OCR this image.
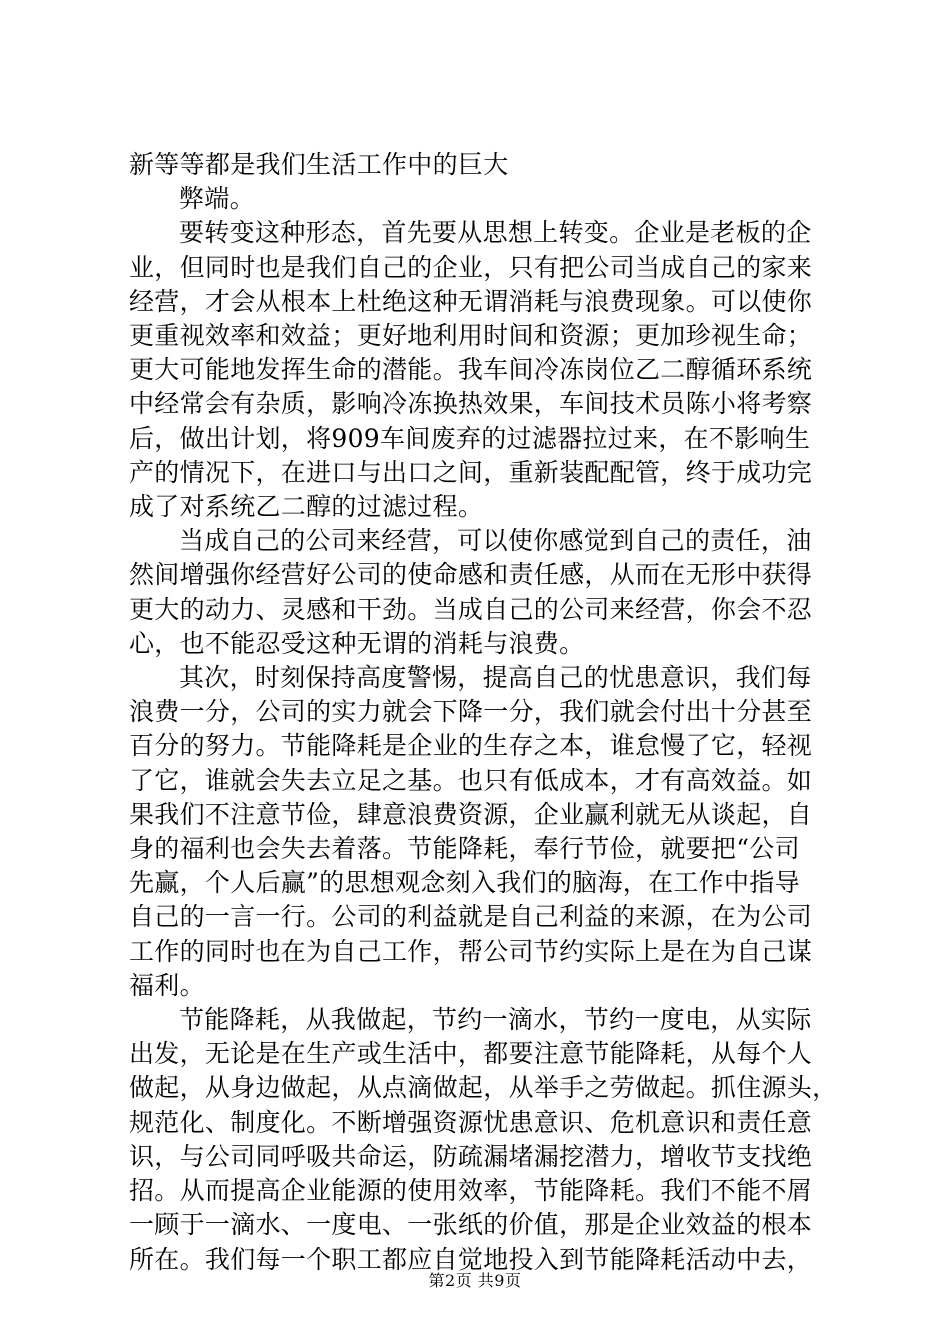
新等等都是我们生活工作中的巨大
弊端。
要转变这种形态，首先要从思想上转变。企业是老板的企
业，但同时也是我们自己的企业，只有把公司当成自己的家来
经营，才会从根本上杜绝这种无谓消耗与浪费现象。可以使你
更重视效率和效益；更好地利用时间和资源；更加珍视生命；
更大可能地发挥生命的潜能。我车间冷冻岗位乙二醇循环系统
中经常会有杂质，影响冷冻换热效果，车间技术员陈小将考察
后，做出计划，将909车间废弃的过滤器拉过来，在不影响生
产的情况下，在进口与出口之间，重新装配配管，终于成功完
成了对系统乙二醇的过滤过程。
当成自己的公司来经营，可以使你感觉到自己的责任，油
然间增强你经营好公司的使命感和责任感，从而在无形中获得
更大的动力、灵感和干劲。当成自己的公司来经营，你会不忍
心，也不能忍受这种无谓的消耗与浪费。
其次，时刻保持高度警惕，提高自己的忧患意识，我们每
浪费一分，公司的实力就会下降一分，我们就会付出十分甚至
百分的努力。节能降耗是企业的生存之本，谁怠慢了它，轻视
了它，谁就会失去立足之基。也只有低成本，才有高效益。如
果我们不注意节俭，肆意浪费资源，企业赢利就无从谈起，自
身的福利也会失去着落。节能降耗，奉行节俭，就要把“公司
先赢，个人后赢”的思想观念刻入我们的脑海，在工作中指导
自己的一言一行。公司的利益就是自己利益的来源，在为公司
工作的同时也在为自己工作，帮公司节约实际上是在为自己谋
福利。
节能降耗，从我做起，节约一滴水，节约一度电，从实际
出发，无论是在生产或生活中，都要注意节能降耗，从每个人
做起，从身边做起，从点滴做起，从举手之劳做起。抓住源头，
规范化、制度化。不断增强资源忧患意识、危机意识和责任意
识，与公司同呼吸共命运，防疏漏堵漏挖潜力，增收节支找绝
招。从而提高企业能源的使用效率，节能降耗。我们不能不屑
一顾于一滴水、一度电、一张纸的价值，那是企业效益的根本
所在。我们每一个职工都应自觉地投入到节能降耗活动中去，
第2页 共9页
